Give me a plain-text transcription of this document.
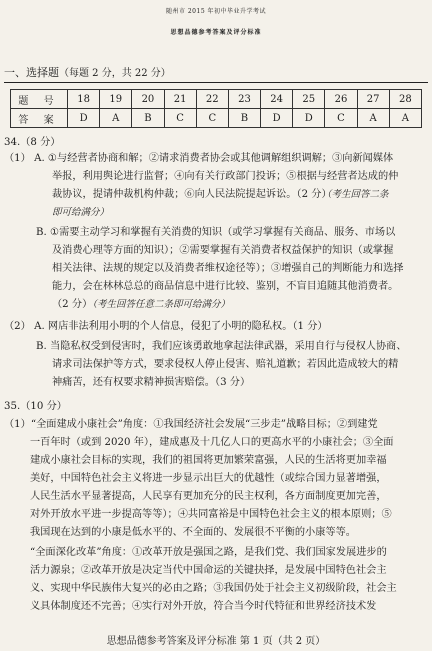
随州市 2015 年初中毕业升学考试
思想品德参考答案及评分标准
一、选择题（每题 2 分，共 22 分）
题 号	18	19	20	21	22	23	24	25	26	27	28
答 案	D	A	B	C	C	B	D	D	C	A	A
34.（8 分）
（1） A. ①与经营者协商和解；②请求消费者协会或其他调解组织调解；③向新闻媒体
举报，利用舆论进行监督；④向有关行政部门投诉；⑤根据与经营者达成的仲
裁协议，提请仲裁机构仲裁；⑥向人民法院提起诉讼。（2 分）
（考生回答二条
即可给满分）
B. ①需要主动学习和掌握有关消费的知识（或学习掌握有关商品、服务、市场以
及消费心理等方面的知识）；②需要掌握有关消费者权益保护的知识（或掌握
相关法律、法规的规定以及消费者维权途径等）；③增强自己的判断能力和选择
能力，会在林林总总的商品信息中进行比较、鉴别，不盲目追随其他消费者。
（2 分）（考生回答任意二条即可给满分）
（2） A. 网店非法利用小明的个人信息，侵犯了小明的隐私权。（1 分）
B. 当隐私权受到侵害时，我们应该勇敢地拿起法律武器，采用自行与侵权人协商、
请求司法保护等方式，要求侵权人停止侵害、赔礼道歉；若因此造成较大的精
神痛苦，还有权要求精神损害赔偿。（3 分）
35.（10 分）
（1）“全面建成小康社会”角度：①我国经济社会发展“三步走”战略目标；②到建党
一百年时（或到 2020 年），建成惠及十几亿人口的更高水平的小康社会；③全面
建成小康社会目标的实现，我们的祖国将更加繁荣富强，人民的生活将更加幸福
美好，中国特色社会主义将进一步显示出巨大的优越性（或综合国力显著增强，
人民生活水平显著提高，人民享有更加充分的民主权利，各方面制度更加完善，
对外开放水平进一步提高等等）；④共同富裕是中国特色社会主义的根本原则；⑤
我国现在达到的小康是低水平的、不全面的、发展很不平衡的小康等等。
“全面深化改革”角度：①改革开放是强国之路，是我们党、我们国家发展进步的
活力源泉；②改革开放是决定当代中国命运的关键抉择，是发展中国特色社会主
义、实现中华民族伟大复兴的必由之路；③我国仍处于社会主义初级阶段，社会主
义具体制度还不完善；④实行对外开放，符合当今时代特征和世界经济技术发
思想品德参考答案及评分标准 第 1 页（共 2 页）
